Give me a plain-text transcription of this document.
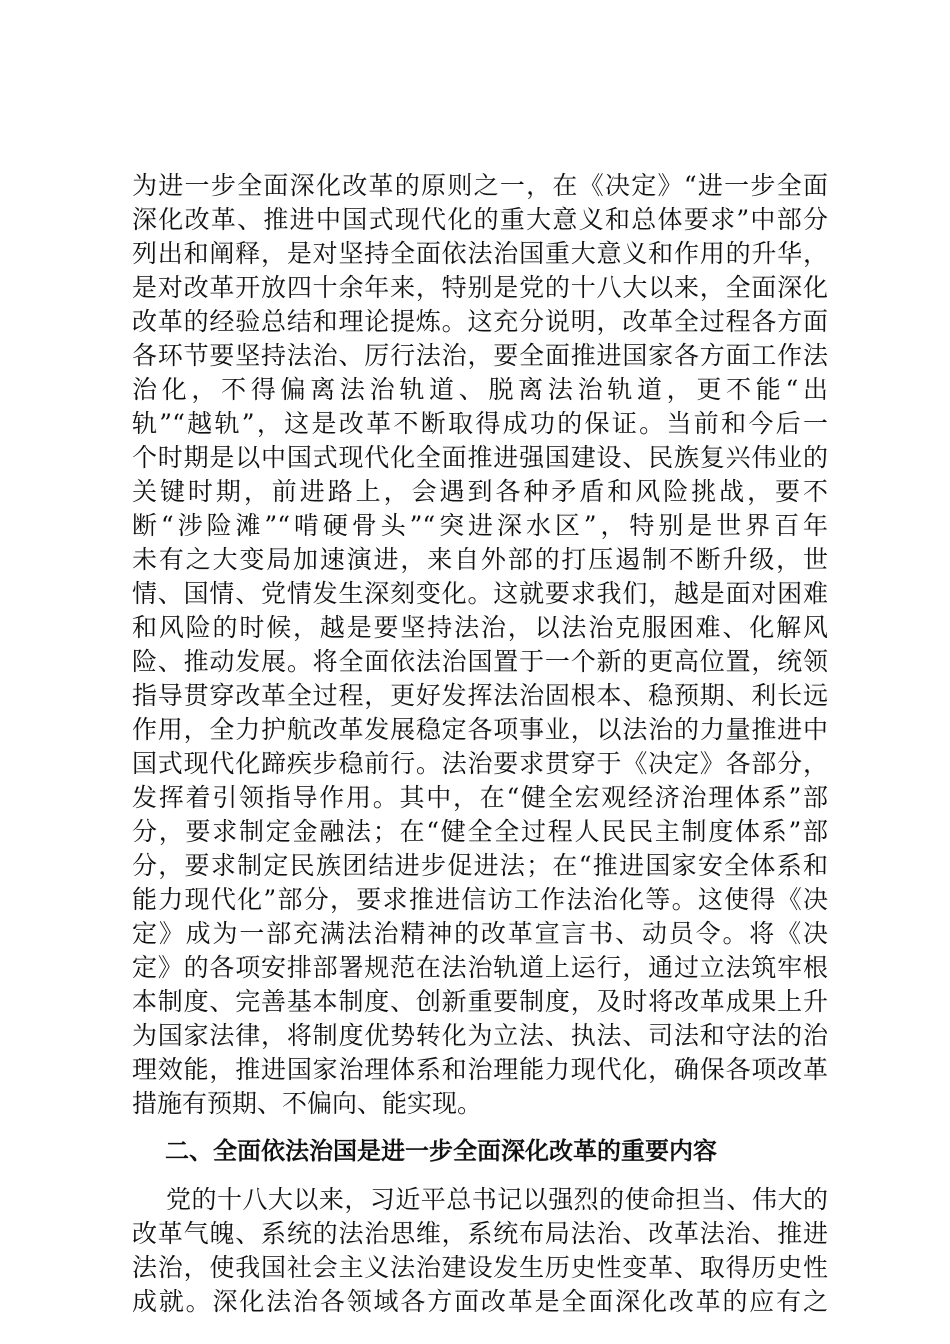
为进一步全面深化改革的原则之一，在《决定》“进一步全面
深化改革、推进中国式现代化的重大意义和总体要求”中部分
列出和阐释，是对坚持全面依法治国重大意义和作用的升华，
是对改革开放四十余年来，特别是党的十八大以来，全面深化
改革的经验总结和理论提炼。这充分说明，改革全过程各方面
各环节要坚持法治、厉行法治，要全面推进国家各方面工作法
治化，不得偏离法治轨道、脱离法治轨道，更不能“出
轨”“越轨”，这是改革不断取得成功的保证。当前和今后一
个时期是以中国式现代化全面推进强国建设、民族复兴伟业的
关键时期，前进路上，会遇到各种矛盾和风险挑战，要不
断“涉险滩”“啃硬骨头”“突进深水区”，特别是世界百年
未有之大变局加速演进，来自外部的打压遏制不断升级，世
情、国情、党情发生深刻变化。这就要求我们，越是面对困难
和风险的时候，越是要坚持法治，以法治克服困难、化解风
险、推动发展。将全面依法治国置于一个新的更高位置，统领
指导贯穿改革全过程，更好发挥法治固根本、稳预期、利长远
作用，全力护航改革发展稳定各项事业，以法治的力量推进中
国式现代化蹄疾步稳前行。法治要求贯穿于《决定》各部分，
发挥着引领指导作用。其中，在“健全宏观经济治理体系”部
分，要求制定金融法；在“健全全过程人民民主制度体系”部
分，要求制定民族团结进步促进法；在“推进国家安全体系和
能力现代化”部分，要求推进信访工作法治化等。这使得《决
定》成为一部充满法治精神的改革宣言书、动员令。将《决
定》的各项安排部署规范在法治轨道上运行，通过立法筑牢根
本制度、完善基本制度、创新重要制度，及时将改革成果上升
为国家法律，将制度优势转化为立法、执法、司法和守法的治
理效能，推进国家治理体系和治理能力现代化，确保各项改革
措施有预期、不偏向、能实现。
二、全面依法治国是进一步全面深化改革的重要内容
党的十八大以来，习近平总书记以强烈的使命担当、伟大的
改革气魄、系统的法治思维，系统布局法治、改革法治、推进
法治，使我国社会主义法治建设发生历史性变革、取得历史性
成就。深化法治各领域各方面改革是全面深化改革的应有之
